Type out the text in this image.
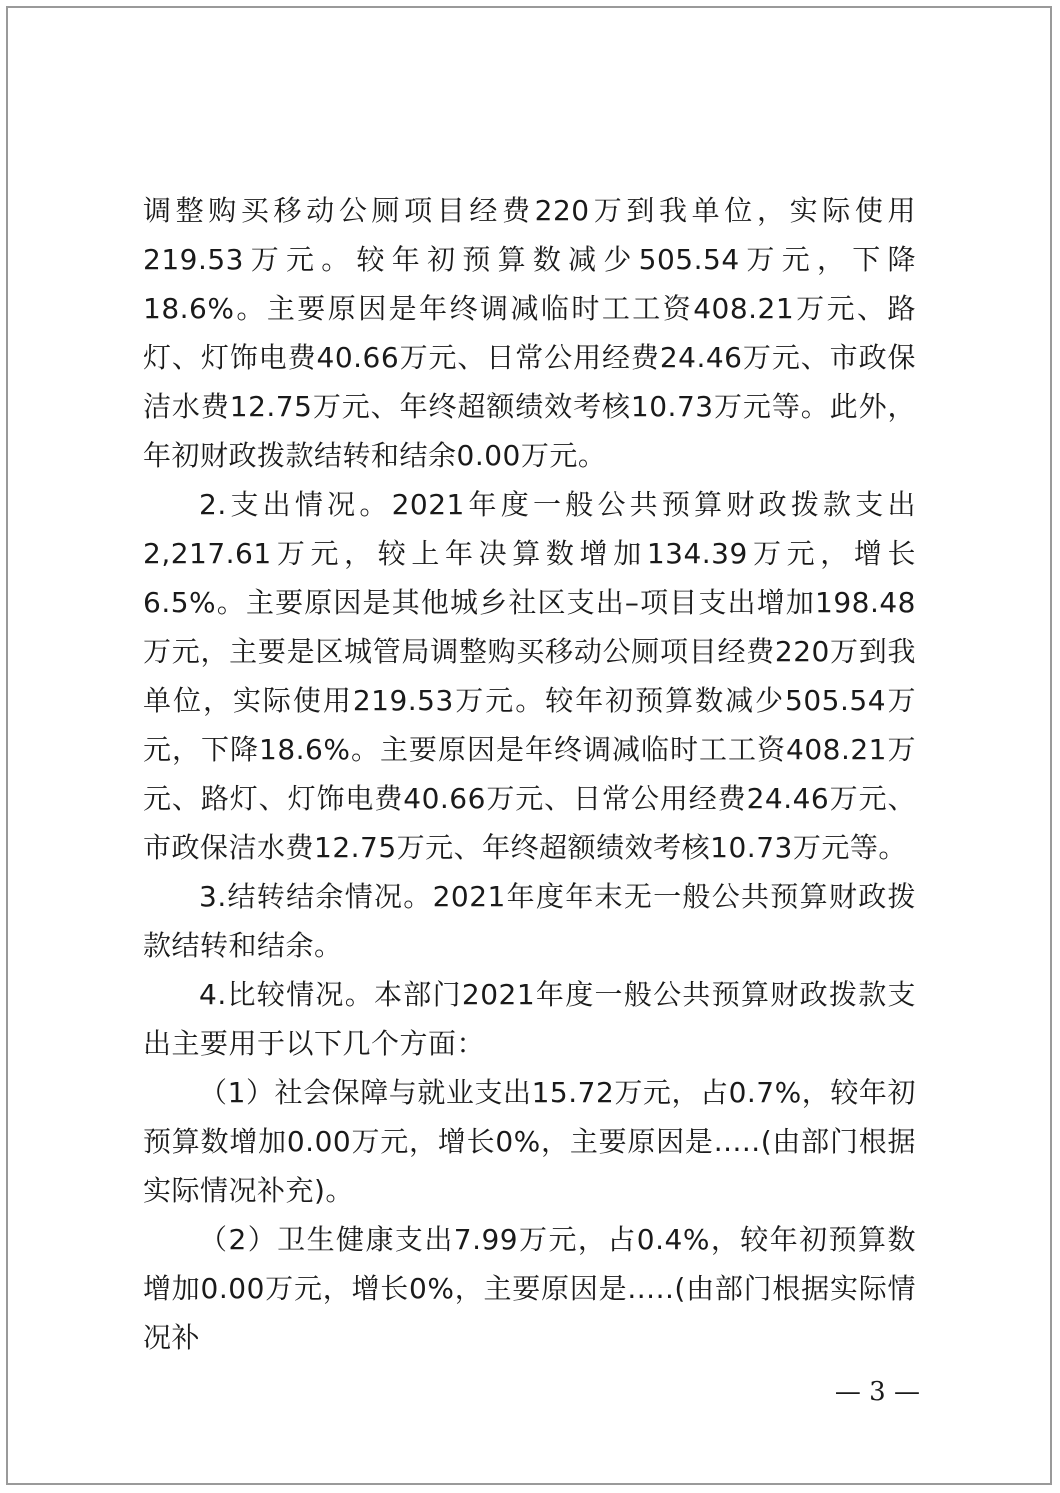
调整购买移动公厕项目经费220万到我单位，实际使用219.53万元。较年初预算数减少505.54万元，下降18.6%。主要原因是年终调减临时工工资408.21万元、路灯、灯饰电费40.66万元、日常公用经费24.46万元、市政保洁水费12.75万元、年终超额绩效考核10.73万元等。此外，年初财政拨款结转和结余0.00万元。

2.支出情况。2021年度一般公共预算财政拨款支出2,217.61万元，较上年决算数增加134.39万元，增长6.5%。主要原因是其他城乡社区支出–项目支出增加198.48万元，主要是区城管局调整购买移动公厕项目经费220万到我单位，实际使用219.53万元。较年初预算数减少505.54万元，下降18.6%。主要原因是年终调减临时工工资408.21万元、路灯、灯饰电费40.66万元、日常公用经费24.46万元、市政保洁水费12.75万元、年终超额绩效考核10.73万元等。

3.结转结余情况。2021年度年末无一般公共预算财政拨款结转和结余。

4.比较情况。本部门2021年度一般公共预算财政拨款支出主要用于以下几个方面：

（1）社会保障与就业支出15.72万元，占0.7%，较年初预算数增加0.00万元，增长0%，主要原因是.....(由部门根据实际情况补充)。

（2）卫生健康支出7.99万元，占0.4%，较年初预算数增加0.00万元，增长0%，主要原因是.....(由部门根据实际情况补

— 3 —
